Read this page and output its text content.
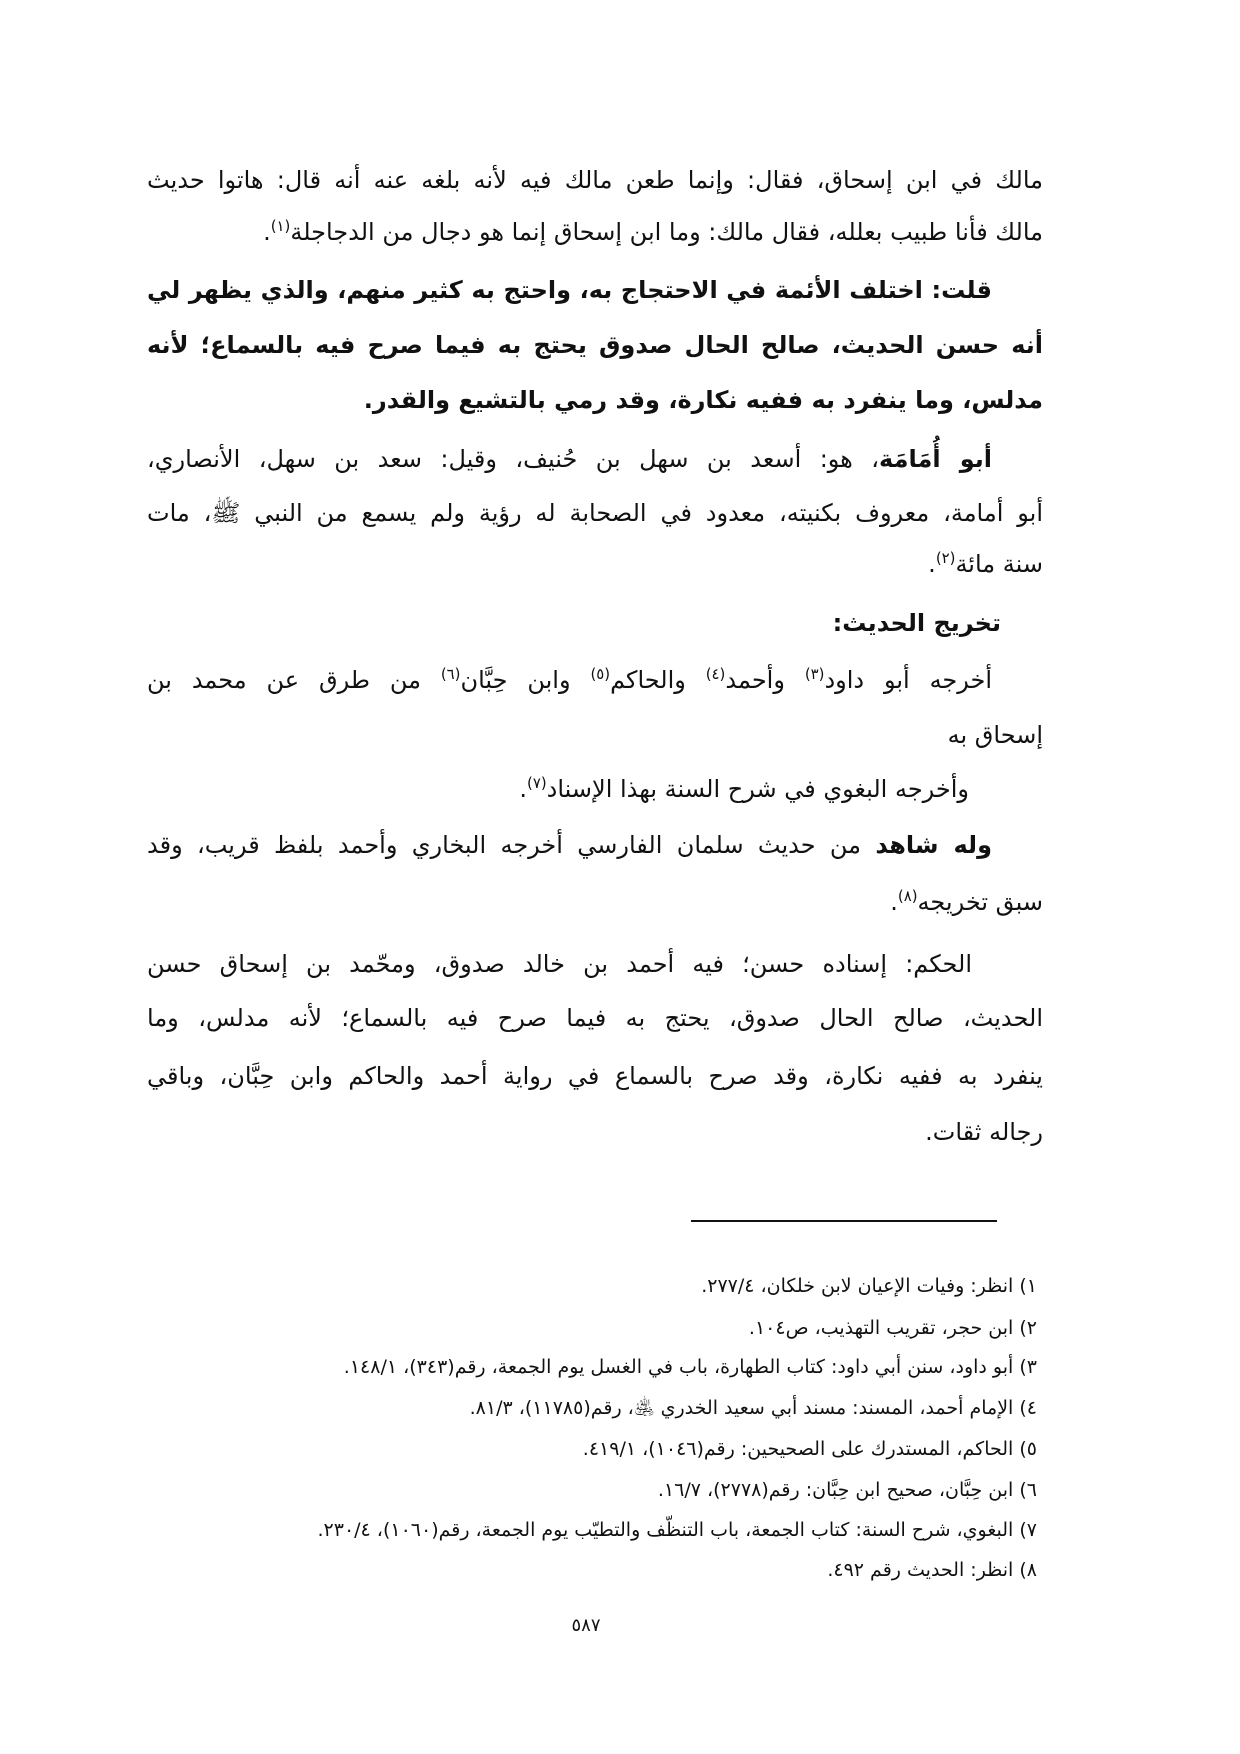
مالك في ابن إسحاق، فقال: وإنما طعن مالك فيه لأنه بلغه عنه أنه قال: هاتوا حديث
مالك فأنا طبيب بعلله، فقال مالك: وما ابن إسحاق إنما هو دجال من الدجاجلة$^{(١)}$.
قلت: اختلف الأئمة في الاحتجاج به، واحتج به كثير منهم، والذي يظهر لي
أنه حسن الحديث، صالح الحال صدوق يحتج به فيما صرح فيه بالسماع؛ لأنه
مدلس، وما ينفرد به ففيه نكارة، وقد رمي بالتشيع والقدر.
أبو أُمَامَة، هو: أسعد بن سهل بن حُنيف، وقيل: سعد بن سهل، الأنصاري،
أبو أمامة، معروف بكنيته، معدود في الصحابة له رؤية ولم يسمع من النبي ﷺ، مات
سنة مائة$^{(٢)}$.
تخريج الحديث:
أخرجه أبو داود$^{(٣)}$ وأحمد$^{(٤)}$ والحاكم$^{(٥)}$ وابن حِبَّان$^{(٦)}$ من طرق عن محمد بن
إسحاق به
وأخرجه البغوي في شرح السنة بهذا الإسناد$^{(٧)}$.
وله شاهد من حديث سلمان الفارسي أخرجه البخاري وأحمد بلفظ قريب، وقد
سبق تخريجه$^{(٨)}$.
الحكم: إسناده حسن؛ فيه أحمد بن خالد صدوق، ومحّمد بن إسحاق حسن
الحديث، صالح الحال صدوق، يحتج به فيما صرح فيه بالسماع؛ لأنه مدلس، وما
ينفرد به ففيه نكارة، وقد صرح بالسماع في رواية أحمد والحاكم وابن حِبَّان، وباقي
رجاله ثقات.
١) انظر: وفيات الإعيان لابن خلكان، ٢٧٧/٤.
٢) ابن حجر، تقريب التهذيب، ص١٠٤.
٣) أبو داود، سنن أبي داود: كتاب الطهارة، باب في الغسل يوم الجمعة، رقم(٣٤٣)، ١٤٨/١.
٤) الإمام أحمد، المسند: مسند أبي سعيد الخدري ﵁، رقم(١١٧٨٥)، ٨١/٣.
٥) الحاكم، المستدرك على الصحيحين: رقم(١٠٤٦)، ٤١٩/١.
٦) ابن حِبَّان، صحيح ابن حِبَّان: رقم(٢٧٧٨)، ١٦/٧.
٧) البغوي، شرح السنة: كتاب الجمعة، باب التنظّف والتطيّب يوم الجمعة، رقم(١٠٦٠)، ٢٣٠/٤.
٨) انظر: الحديث رقم ٤٩٢.
٥٨٧
